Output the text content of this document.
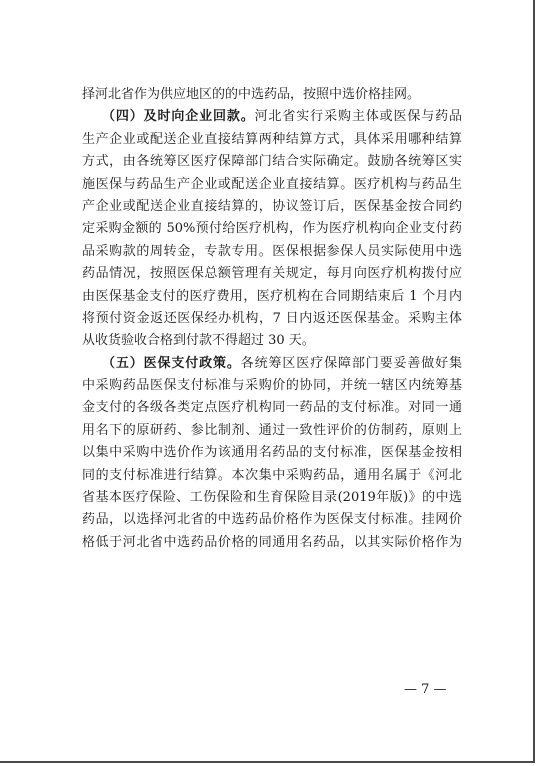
择河北省作为供应地区的的中选药品，按照中选价格挂网。
（四）及时向企业回款。河北省实行采购主体或医保与药品
生产企业或配送企业直接结算两种结算方式，具体采用哪种结算
方式，由各统筹区医疗保障部门结合实际确定。鼓励各统筹区实
施医保与药品生产企业或配送企业直接结算。医疗机构与药品生
产企业或配送企业直接结算的，协议签订后，医保基金按合同约
定采购金额的 50%预付给医疗机构，作为医疗机构向企业支付药
品采购款的周转金，专款专用。医保根据参保人员实际使用中选
药品情况，按照医保总额管理有关规定，每月向医疗机构拨付应
由医保基金支付的医疗费用，医疗机构在合同期结束后 1 个月内
将预付资金返还医保经办机构，7 日内返还医保基金。采购主体
从收货验收合格到付款不得超过 30 天。
（五）医保支付政策。各统筹区医疗保障部门要妥善做好集
中采购药品医保支付标准与采购价的协同，并统一辖区内统筹基
金支付的各级各类定点医疗机构同一药品的支付标准。对同一通
用名下的原研药、参比制剂、通过一致性评价的仿制药，原则上
以集中采购中选价作为该通用名药品的支付标准，医保基金按相
同的支付标准进行结算。本次集中采购药品，通用名属于《河北
省基本医疗保险、工伤保险和生育保险目录(2019年版)》的中选
药品，以选择河北省的中选药品价格作为医保支付标准。挂网价
格低于河北省中选药品价格的同通用名药品，以其实际价格作为
— 7 —
